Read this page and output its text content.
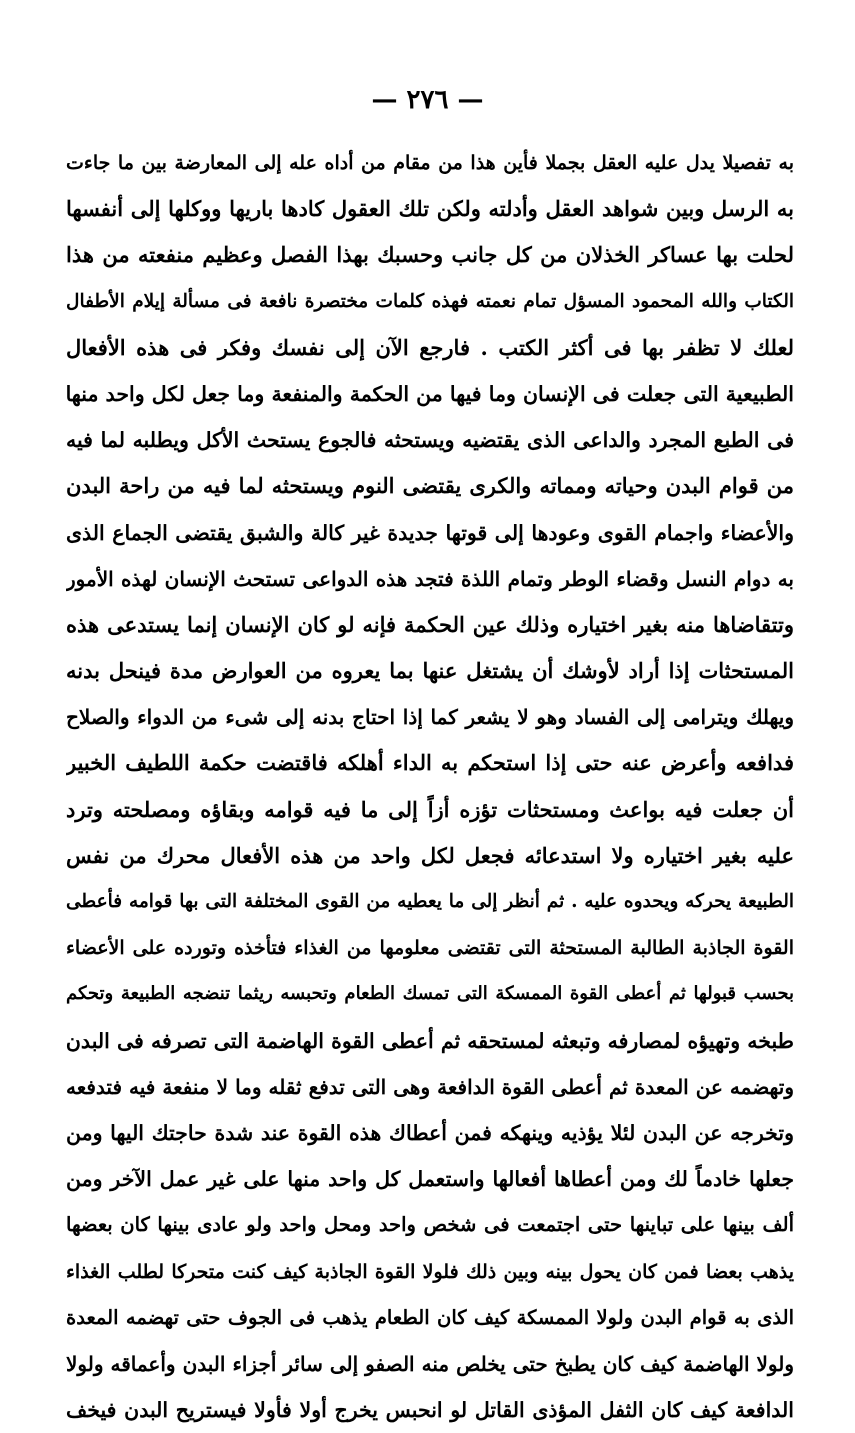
— ٢٧٦ —
به تفصيلا يدل عليه العقل بجملا فأين هذا من مقام من أداه عله إلى المعارضة بين ما جاءت
به الرسل وبين شواهد العقل وأدلته ولكن تلك العقول كادها باريها ووكلها إلى أنفسها
لحلت بها عساكر الخذلان من كل جانب وحسبك بهذا الفصل وعظيم منفعته من هذا
الكتاب والله المحمود المسؤل تمام نعمته فهذه كلمات مختصرة نافعة فى مسألة إيلام الأطفال
لعلك لا تظفر بها فى أكثر الكتب . فارجع الآن إلى نفسك وفكر فى هذه الأفعال
الطبيعية التى جعلت فى الإنسان وما فيها من الحكمة والمنفعة وما جعل لكل واحد منها
فى الطبع المجرد والداعى الذى يقتضيه ويستحثه فالجوع يستحث الأكل ويطلبه لما فيه
من قوام البدن وحياته ومماته والكرى يقتضى النوم ويستحثه لما فيه من راحة البدن
والأعضاء واجمام القوى وعودها إلى قوتها جديدة غير كالة والشبق يقتضى الجماع الذى
به دوام النسل وقضاء الوطر وتمام اللذة فتجد هذه الدواعى تستحث الإنسان لهذه الأمور
وتتقاضاها منه بغير اختياره وذلك عين الحكمة فإنه لو كان الإنسان إنما يستدعى هذه
المستحثات إذا أراد لأوشك أن يشتغل عنها بما يعروه من العوارض مدة فينحل بدنه
ويهلك ويترامى إلى الفساد وهو لا يشعر كما إذا احتاج بدنه إلى شىء من الدواء والصلاح
فدافعه وأعرض عنه حتى إذا استحكم به الداء أهلكه فاقتضت حكمة اللطيف الخبير
أن جعلت فيه بواعث ومستحثات تؤزه أزاً إلى ما فيه قوامه وبقاؤه ومصلحته وترد
عليه بغير اختياره ولا استدعائه فجعل لكل واحد من هذه الأفعال محرك من نفس
الطبيعة يحركه ويحدوه عليه . ثم أنظر إلى ما يعطيه من القوى المختلفة التى بها قوامه فأعطى
القوة الجاذبة الطالبة المستحثة التى تقتضى معلومها من الغذاء فتأخذه وتورده على الأعضاء
بحسب قبولها ثم أعطى القوة الممسكة التى تمسك الطعام وتحبسه ريثما تنضجه الطبيعة وتحكم
طبخه وتهيؤه لمصارفه وتبعثه لمستحقه ثم أعطى القوة الهاضمة التى تصرفه فى البدن
وتهضمه عن المعدة ثم أعطى القوة الدافعة وهى التى تدفع ثقله وما لا منفعة فيه فتدفعه
وتخرجه عن البدن لئلا يؤذيه وينهكه فمن أعطاك هذه القوة عند شدة حاجتك اليها ومن
جعلها خادماً لك ومن أعطاها أفعالها واستعمل كل واحد منها على غير عمل الآخر ومن
ألف بينها على تباينها حتى اجتمعت فى شخص واحد ومحل واحد ولو عادى بينها كان بعضها
يذهب بعضا فمن كان يحول بينه وبين ذلك فلولا القوة الجاذبة كيف كنت متحركا لطلب الغذاء
الذى به قوام البدن ولولا الممسكة كيف كان الطعام يذهب فى الجوف حتى تهضمه المعدة
ولولا الهاضمة كيف كان يطبخ حتى يخلص منه الصفو إلى سائر أجزاء البدن وأعماقه ولولا
الدافعة كيف كان الثفل المؤذى القاتل لو انحبس يخرج أولا فأولا فيستريح البدن فيخف
